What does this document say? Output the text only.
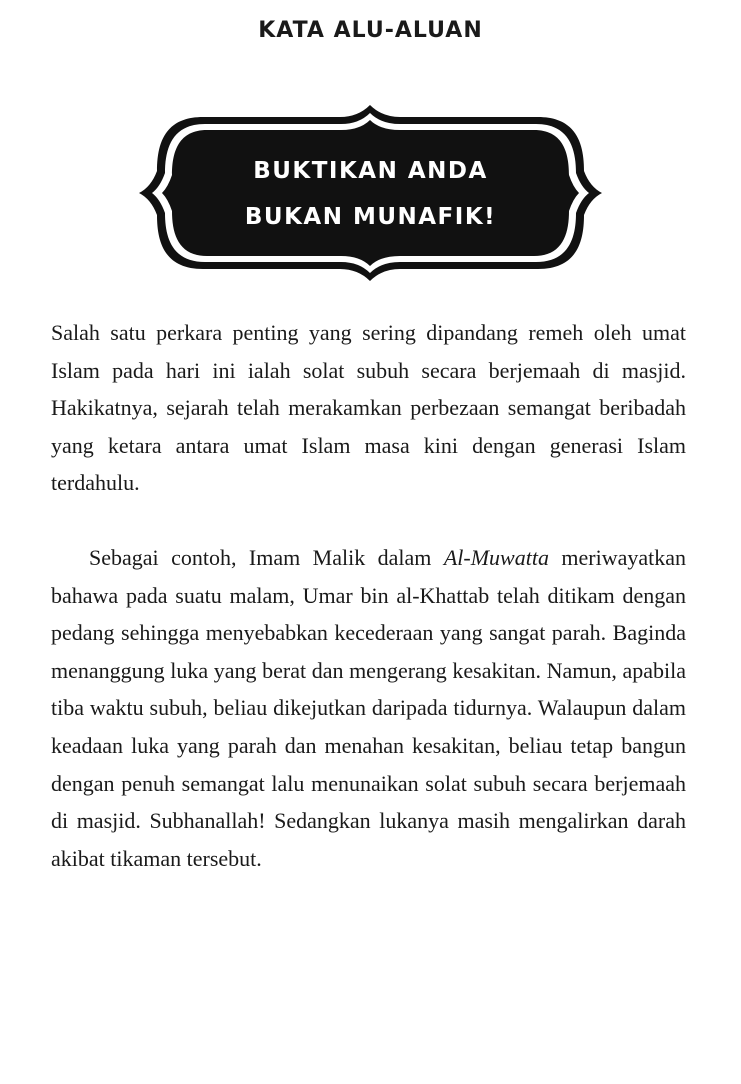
KATA ALU-ALUAN
BUKTIKAN ANDA
BUKAN MUNAFIK!
Salah satu perkara penting yang sering dipandang remeh oleh umat Islam pada hari ini ialah solat subuh secara berjemaah di masjid. Hakikatnya, sejarah telah merakamkan perbezaan semangat beribadah yang ketara antara umat Islam masa kini dengan generasi Islam terdahulu.
Sebagai contoh, Imam Malik dalam Al-Muwatta meriwayatkan bahawa pada suatu malam, Umar bin al-Khattab telah ditikam dengan pedang sehingga menyebabkan kecederaan yang sangat parah. Baginda menanggung luka yang berat dan mengerang kesakitan. Namun, apabila tiba waktu subuh, beliau dikejutkan daripada tidurnya. Walaupun dalam keadaan luka yang parah dan menahan kesakitan, beliau tetap bangun dengan penuh semangat lalu menunaikan solat subuh secara berjemaah di masjid. Subhanallah! Sedangkan lukanya masih mengalirkan darah akibat tikaman tersebut.
